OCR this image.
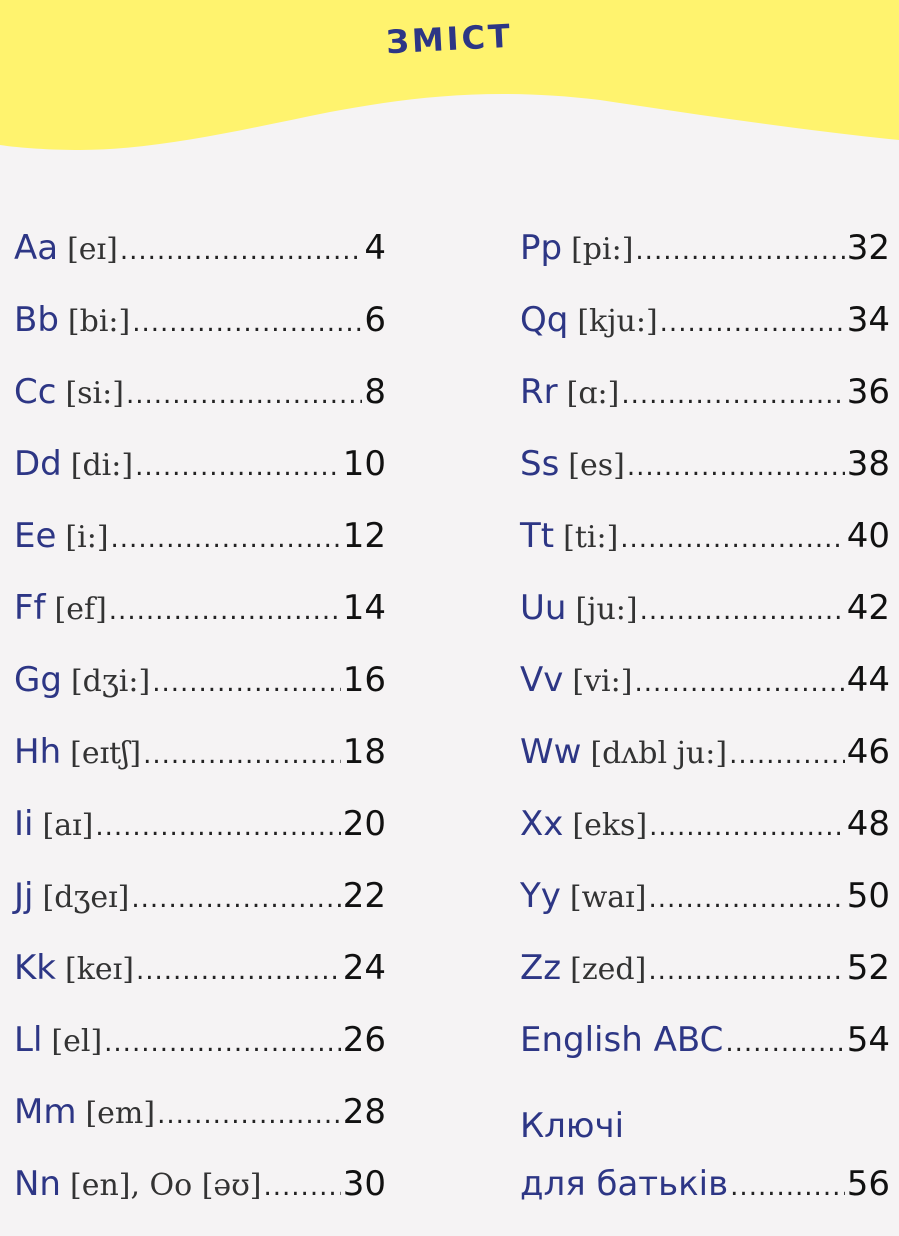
ЗМІСТ
Aa [eɪ] .....	4
Bb [bi:] .....	6
Cc [si:] .....	8
Dd [di:] .....	10
Ee [i:] .....	12
Ff [ef] .....	14
Gg [dʒi:] .....	16
Hh [eɪtʃ] .....	18
Ii [aɪ] .....	20
Jj [dʒeɪ] .....	22
Kk [keɪ] .....	24
Ll [el] .....	26
Mm [em] .....	28
Nn [en], Oo [əʊ] ..... 30
Pp [pi:] .....	32
Qq [kju:] .....	34
Rr [ɑ:] .....	36
Ss [es] .....	38
Tt [ti:] .....	40
Uu [ju:] .....	42
Vv [vi:] .....	44
Ww [dʌbl ju:] .....	46
Xx [eks] .....	48
Yy [waɪ] .....	50
Zz [zed] .....	52
English ABC .....	54
Ключі
для батьків .....	56
